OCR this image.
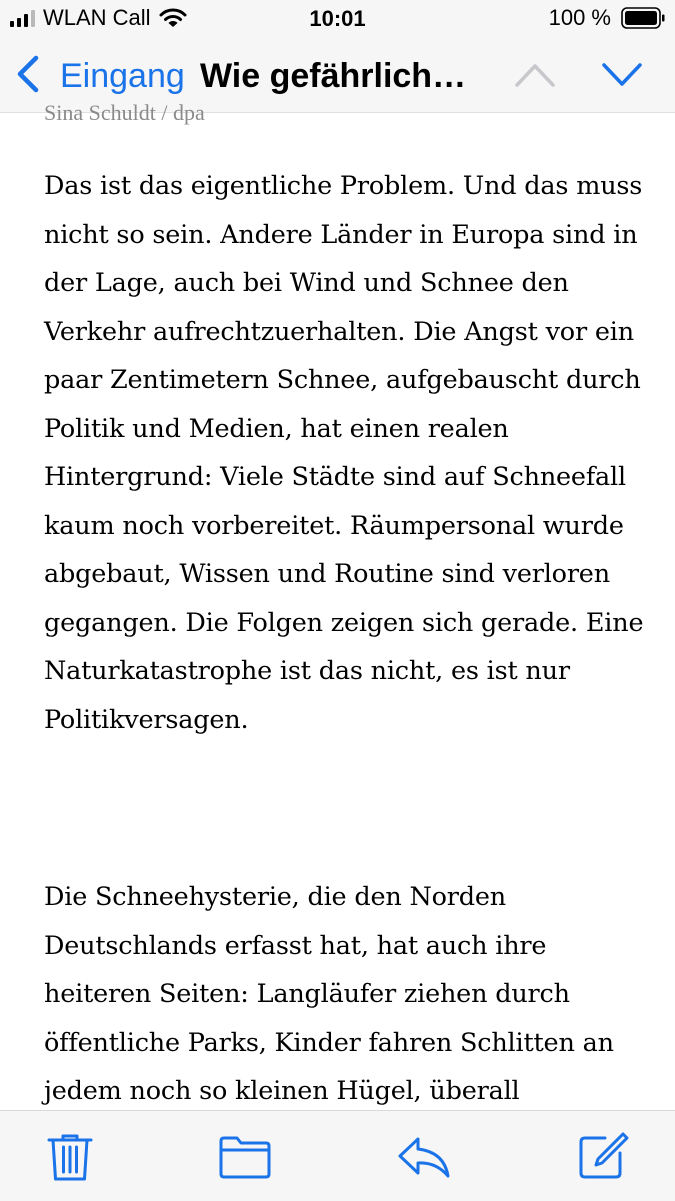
WLAN Call	10:01	100 %
Eingang Wie gefährlich…
Sina Schuldt / dpa

Das ist das eigentliche Problem. Und das muss nicht so sein. Andere Länder in Europa sind in der Lage, auch bei Wind und Schnee den Verkehr aufrechtzuerhalten. Die Angst vor ein paar Zentimetern Schnee, aufgebauscht durch Politik und Medien, hat einen realen Hintergrund: Viele Städte sind auf Schneefall kaum noch vorbereitet. Räumpersonal wurde abgebaut, Wissen und Routine sind verloren gegangen. Die Folgen zeigen sich gerade. Eine Naturkatastrophe ist das nicht, es ist nur Politikversagen.

Die Schneehysterie, die den Norden Deutschlands erfasst hat, hat auch ihre heiteren Seiten: Langläufer ziehen durch öffentliche Parks, Kinder fahren Schlitten an jedem noch so kleinen Hügel, überall
